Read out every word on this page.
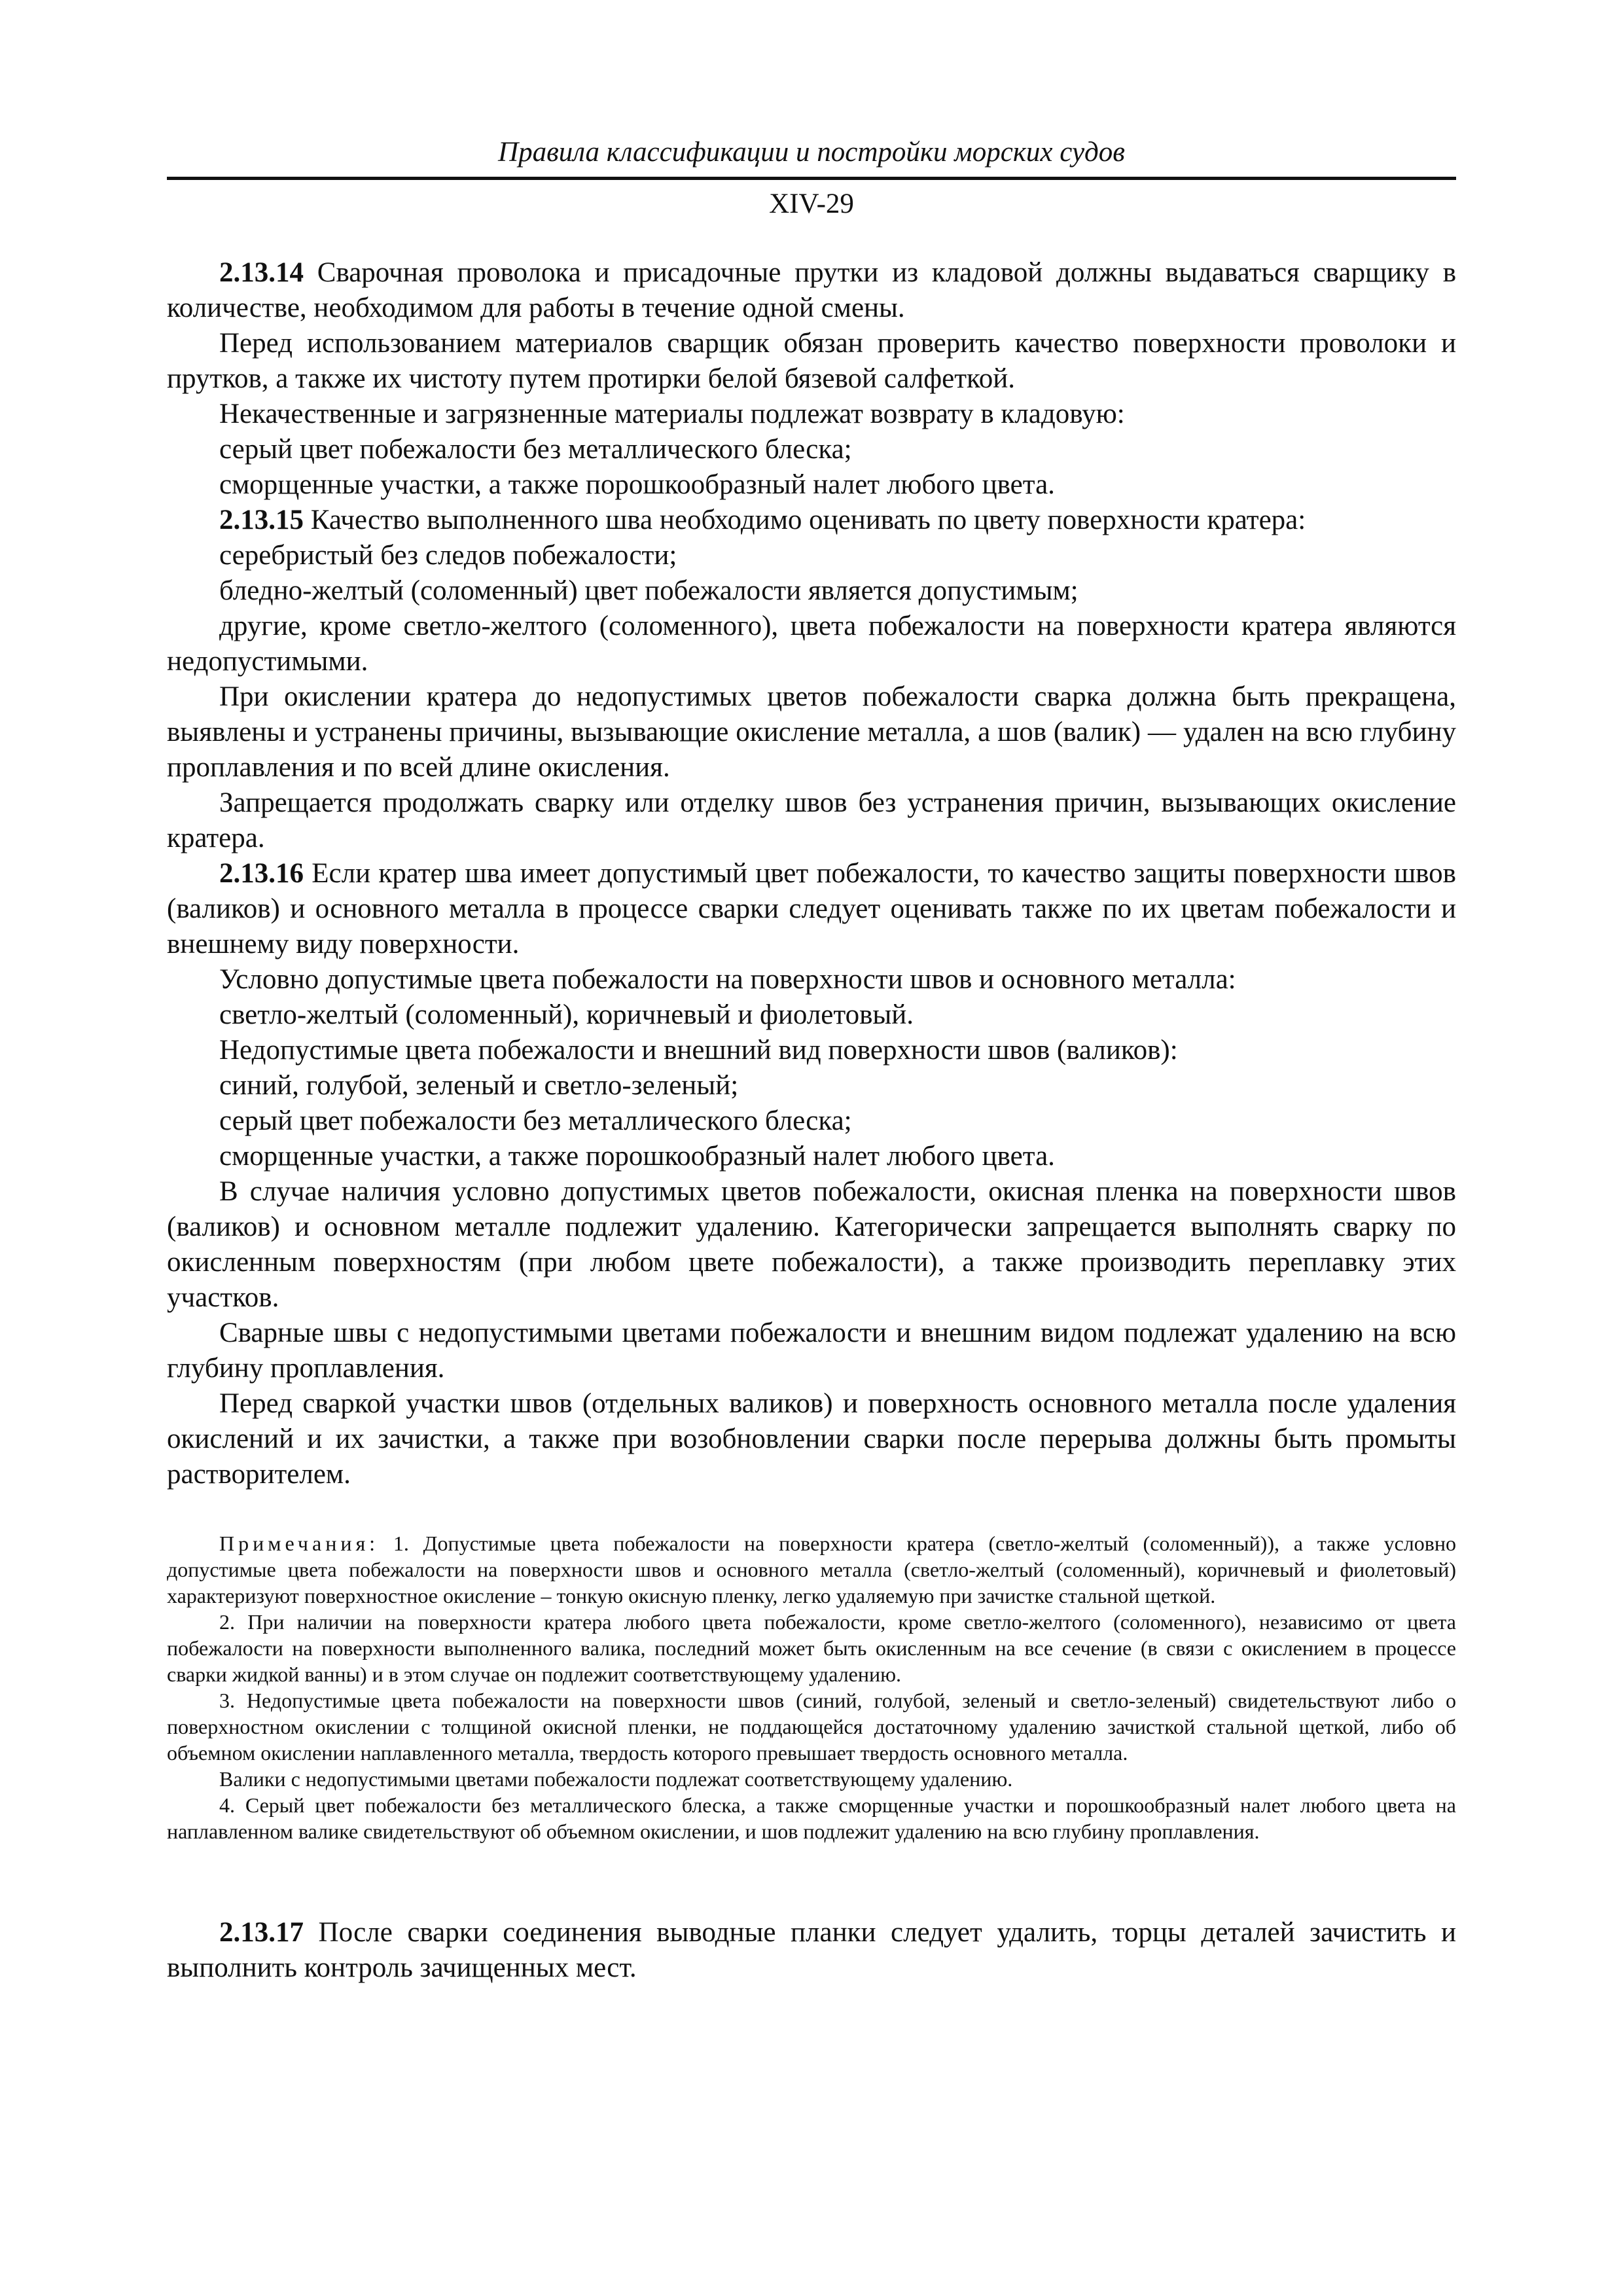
Правила классификации и постройки морских судов
XIV-29

2.13.14 Сварочная проволока и присадочные прутки из кладовой должны выдаваться сварщику в количестве, необходимом для работы в течение одной смены.

Перед использованием материалов сварщик обязан проверить качество поверхности проволоки и прутков, а также их чистоту путем протирки белой бязевой салфеткой.

Некачественные и загрязненные материалы подлежат возврату в кладовую:

серый цвет побежалости без металлического блеска;

сморщенные участки, а также порошкообразный налет любого цвета.

2.13.15 Качество выполненного шва необходимо оценивать по цвету поверхности кратера:

серебристый без следов побежалости;

бледно-желтый (соломенный) цвет побежалости является допустимым;

другие, кроме светло-желтого (соломенного), цвета побежалости на поверхности кратера являются недопустимыми.

При окислении кратера до недопустимых цветов побежалости сварка должна быть прекращена, выявлены и устранены причины, вызывающие окисление металла, а шов (валик) — удален на всю глубину проплавления и по всей длине окисления.

Запрещается продолжать сварку или отделку швов без устранения причин, вызывающих окисление кратера.

2.13.16 Если кратер шва имеет допустимый цвет побежалости, то качество защиты поверхности швов (валиков) и основного металла в процессе сварки следует оценивать также по их цветам побежалости и внешнему виду поверхности.

Условно допустимые цвета побежалости на поверхности швов и основного металла:

светло-желтый (соломенный), коричневый и фиолетовый.

Недопустимые цвета побежалости и внешний вид поверхности швов (валиков):

синий, голубой, зеленый и светло-зеленый;

серый цвет побежалости без металлического блеска;

сморщенные участки, а также порошкообразный налет любого цвета.

В случае наличия условно допустимых цветов побежалости, окисная пленка на поверхности швов (валиков) и основном металле подлежит удалению. Категорически запрещается выполнять сварку по окисленным поверхностям (при любом цвете побежалости), а также производить переплавку этих участков.

Сварные швы с недопустимыми цветами побежалости и внешним видом подлежат удалению на всю глубину проплавления.

Перед сваркой участки швов (отдельных валиков) и поверхность основного металла после удаления окислений и их зачистки, а также при возобновлении сварки после перерыва должны быть промыты растворителем.

Примечания: 1. Допустимые цвета побежалости на поверхности кратера (светло-желтый (соломенный)), а также условно допустимые цвета побежалости на поверхности швов и основного металла (светло-желтый (соломенный), коричневый и фиолетовый) характеризуют поверхностное окисление – тонкую окисную пленку, легко удаляемую при зачистке стальной щеткой.

2. При наличии на поверхности кратера любого цвета побежалости, кроме светло-желтого (соломенного), независимо от цвета побежалости на поверхности выполненного валика, последний может быть окисленным на все сечение (в связи с окислением в процессе сварки жидкой ванны) и в этом случае он подлежит соответствующему удалению.

3. Недопустимые цвета побежалости на поверхности швов (синий, голубой, зеленый и светло-зеленый) свидетельствуют либо о поверхностном окислении с толщиной окисной пленки, не поддающейся достаточному удалению зачисткой стальной щеткой, либо об объемном окислении наплавленного металла, твердость которого превышает твердость основного металла.

Валики с недопустимыми цветами побежалости подлежат соответствующему удалению.

4. Серый цвет побежалости без металлического блеска, а также сморщенные участки и порошкообразный налет любого цвета на наплавленном валике свидетельствуют об объемном окислении, и шов подлежит удалению на всю глубину проплавления.

2.13.17 После сварки соединения выводные планки следует удалить, торцы деталей зачистить и выполнить контроль зачищенных мест.
